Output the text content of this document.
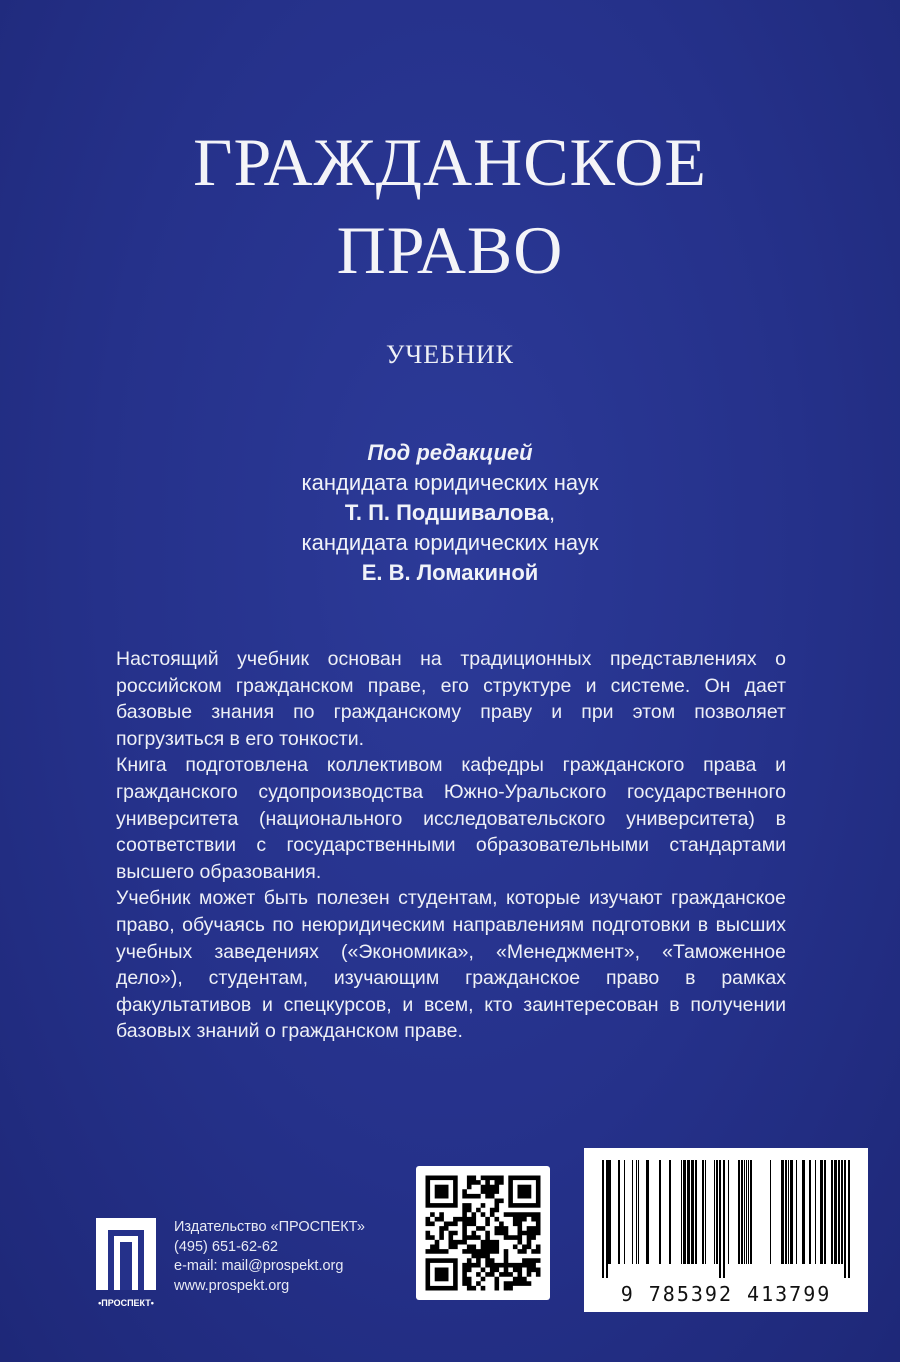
ГРАЖДАНСКОЕ
ПРАВО
УЧЕБНИК
Под редакцией
кандидата юридических наук
Т. П. Подшивалова,
кандидата юридических наук
Е. В. Ломакиной

Настоящий учебник основан на традиционных представлениях о российском гражданском праве, его структуре и системе. Он дает базовые знания по гражданскому праву и при этом позволяет погрузиться в его тонкости.

Книга подготовлена коллективом кафедры гражданского права и гражданского судопроизводства Южно-Уральского государственного университета (национального исследовательского университета) в соответствии с государственными образовательными стандартами высшего образования.

Учебник может быть полезен студентам, которые изучают гражданское право, обучаясь по неюридическим направлениям подготовки в высших учебных заведениях («Экономика», «Менеджмент», «Таможенное дело»), студентам, изучающим гражданское право в рамках факультативов и спецкурсов, и всем, кто заинтересован в получении базовых знаний о гражданском праве.

9 785392 413799
•ПРОСПЕКТ•
Издательство «ПРОСПЕКТ»
(495) 651-62-62
e-mail: mail@prospekt.org
www.prospekt.org
